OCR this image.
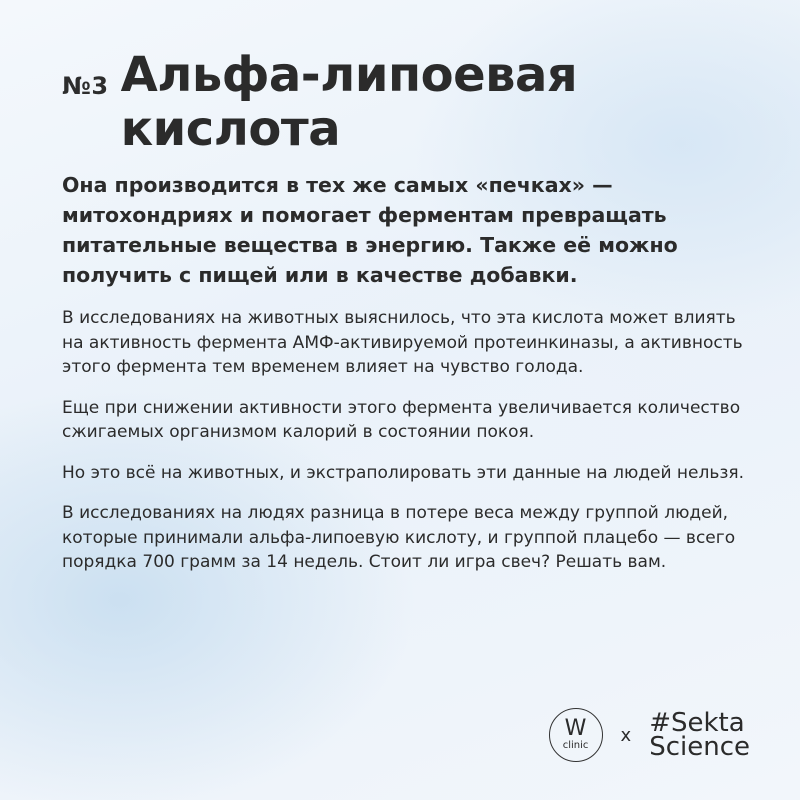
№3 Альфа-липоевая
кислота

Она производится в тех же самых «печках» — митохондриях и помогает ферментам превращать питательные вещества в энергию. Также её можно получить с пищей или в качестве добавки.

В исследованиях на животных выяснилось, что эта кислота может влиять на активность фермента АМФ-активируемой протеинкиназы, а активность этого фермента тем временем влияет на чувство голода.

Еще при снижении активности этого фермента увеличивается количество сжигаемых организмом калорий в состоянии покоя.

Но это всё на животных, и экстраполировать эти данные на людей нельзя.

В исследованиях на людях разница в потере веса между группой людей, которые принимали альфа-липоевую кислоту, и группой плацебо — всего порядка 700 грамм за 14 недель. Стоит ли игра свеч? Решать вам.

W
clinic x #Sekta
Science
